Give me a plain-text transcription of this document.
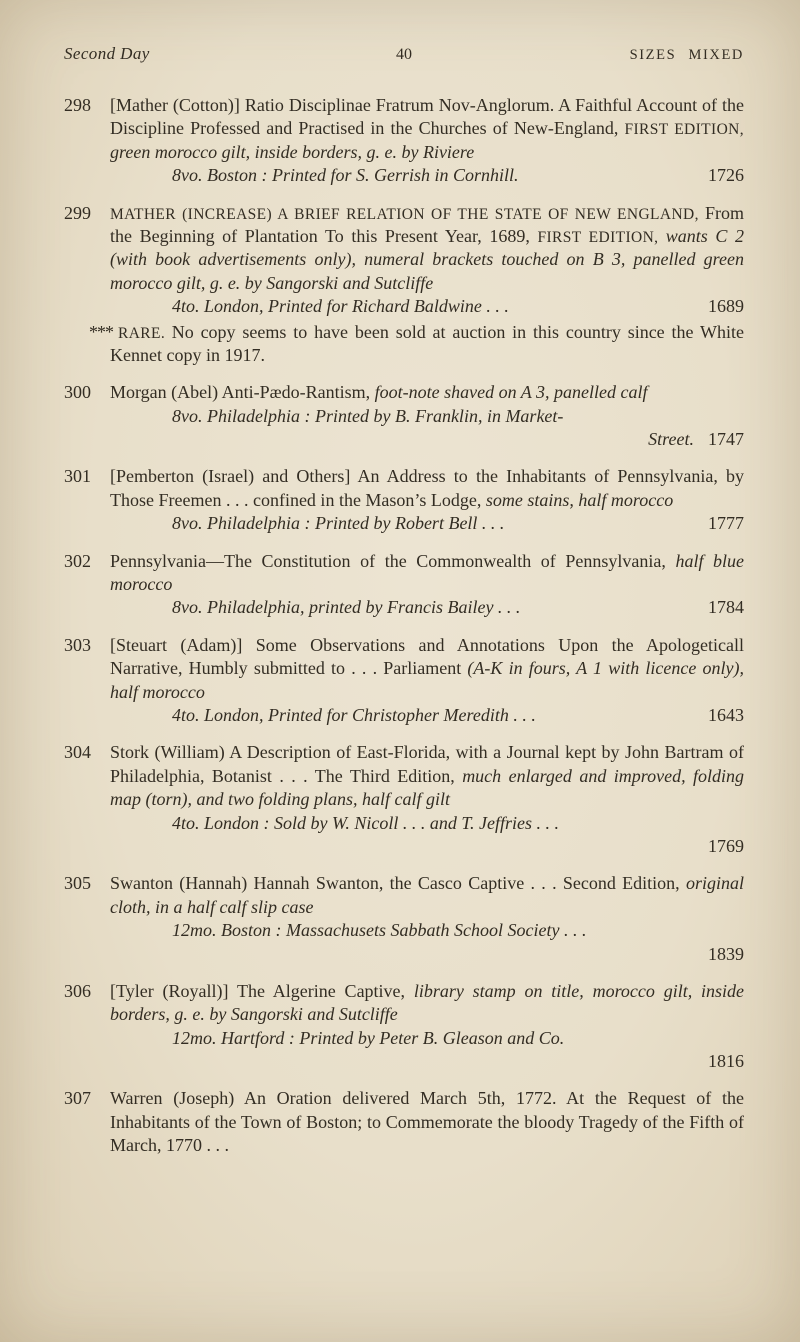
Second Day	40	SIZES MIXED
298 [Mather (Cotton)] Ratio Disciplinae Fratrum Nov-Anglorum. A Faithful Account of the Discipline Professed and Practised in the Churches of New-England, FIRST EDITION, green morocco gilt, inside borders, g. e. by Riviere

8vo. Boston : Printed for S. Gerrish in Cornhill.	1726
299 MATHER (INCREASE) A BRIEF RELATION OF THE STATE OF NEW ENGLAND, From the Beginning of Plantation To this Present Year, 1689, FIRST EDITION, wants C 2 (with book advertisements only), numeral brackets touched on B 3, panelled green morocco gilt, g. e. by Sangorski and Sutcliffe

4to. London, Printed for Richard Baldwine . . .	1689

*** RARE. No copy seems to have been sold at auction in this country since the White Kennet copy in 1917.

300 Morgan (Abel) Anti-Pædo-Rantism, foot-note shaved on A 3, panelled calf

8vo. Philadelphia : Printed by B. Franklin, in Market-
Street. 1747
301 [Pemberton (Israel) and Others] An Address to the Inhabitants of Pennsylvania, by Those Freemen . . . confined in the Mason’s Lodge, some stains, half morocco

8vo. Philadelphia : Printed by Robert Bell . . .	1777
302 Pennsylvania—The Constitution of the Commonwealth of Pennsylvania, half blue morocco

8vo. Philadelphia, printed by Francis Bailey . . .	1784
303 [Steuart (Adam)] Some Observations and Annotations Upon the Apologeticall Narrative, Humbly submitted to . . . Parliament (A-K in fours, A 1 with licence only), half morocco

4to. London, Printed for Christopher Meredith . . .	1643
304 Stork (William) A Description of East-Florida, with a Journal kept by John Bartram of Philadelphia, Botanist . . . The Third Edition, much enlarged and improved, folding map (torn), and two folding plans, half calf gilt

4to. London : Sold by W. Nicoll . . . and T. Jeffries . . .
1769
305 Swanton (Hannah) Hannah Swanton, the Casco Captive . . . Second Edition, original cloth, in a half calf slip case

12mo. Boston : Massachusets Sabbath School Society . . .
1839
306 [Tyler (Royall)] The Algerine Captive, library stamp on title, morocco gilt, inside borders, g. e. by Sangorski and Sutcliffe

12mo. Hartford : Printed by Peter B. Gleason and Co.
1816
307 Warren (Joseph) An Oration delivered March 5th, 1772. At the Request of the Inhabitants of the Town of Boston; to Commemorate the bloody Tragedy of the Fifth of March, 1770 . . .
